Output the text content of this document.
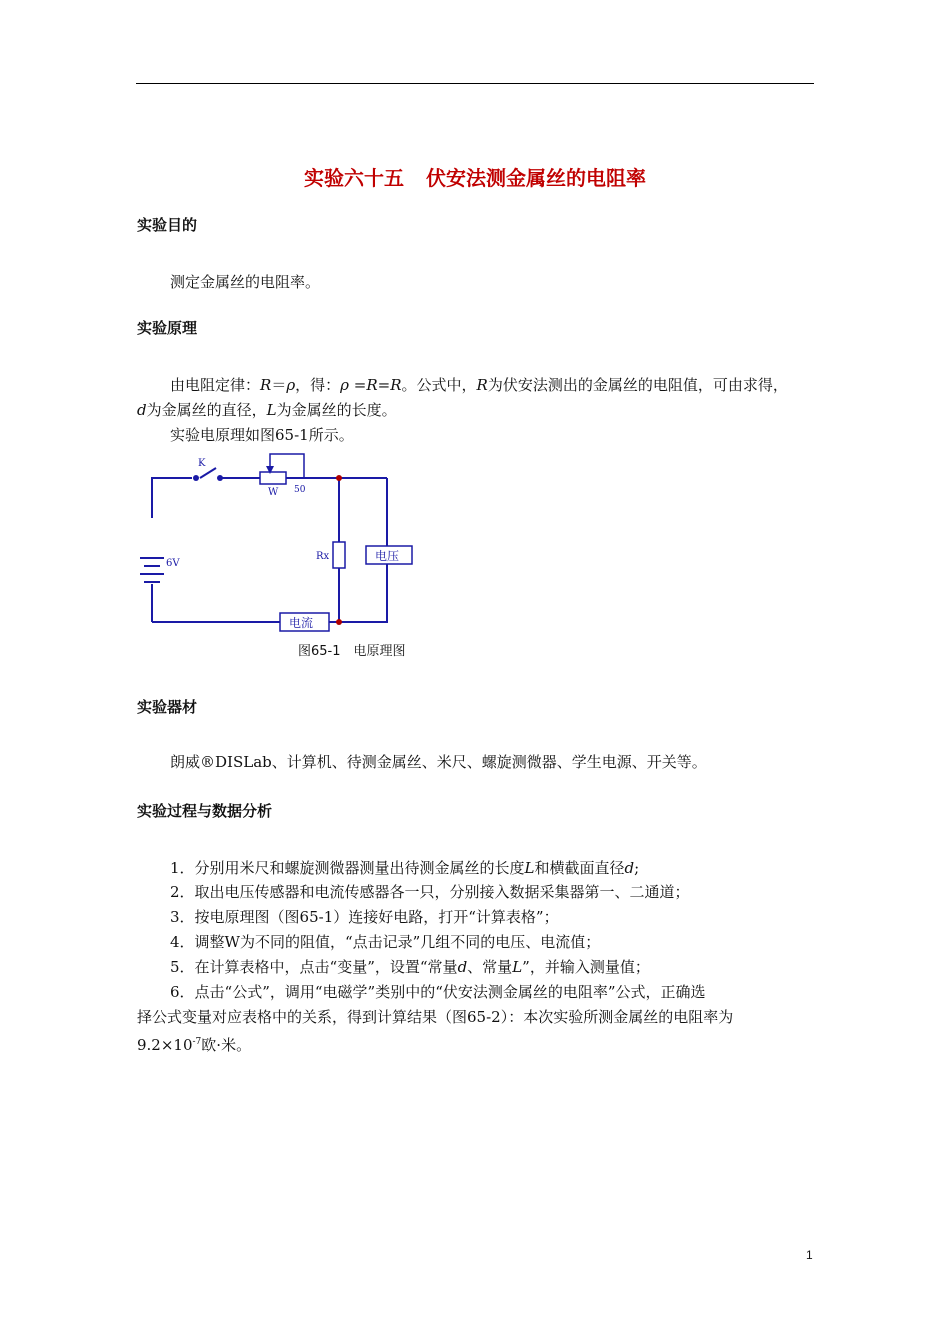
实验六十五 伏安法测金属丝的电阻率
实验目的
测定金属丝的电阻率。
实验原理
由电阻定律：R＝ρ，得：ρ =R=R。公式中，R为伏安法测出的金属丝的电阻值，可由求得，
d为金属丝的直径，L为金属丝的长度。
实验电原理如图65-1所示。
K
W 50
6V
Rx	电压
电流
图65-1　电原理图
实验器材
朗威®DISLab、计算机、待测金属丝、米尺、螺旋测微器、学生电源、开关等。
实验过程与数据分析
1．分别用米尺和螺旋测微器测量出待测金属丝的长度L和横截面直径d;
2．取出电压传感器和电流传感器各一只，分别接入数据采集器第一、二通道；
3．按电原理图（图65-1）连接好电路，打开“计算表格”；
4．调整W为不同的阻值，“点击记录”几组不同的电压、电流值；
5．在计算表格中，点击“变量”，设置“常量d、常量L”，并输入测量值；
6．点击“公式”，调用“电磁学”类别中的“伏安法测金属丝的电阻率”公式，正确选
择公式变量对应表格中的关系，得到计算结果（图65-2）：本次实验所测金属丝的电阻率为
$9.2\times 10^{-7}$欧·米。
1
